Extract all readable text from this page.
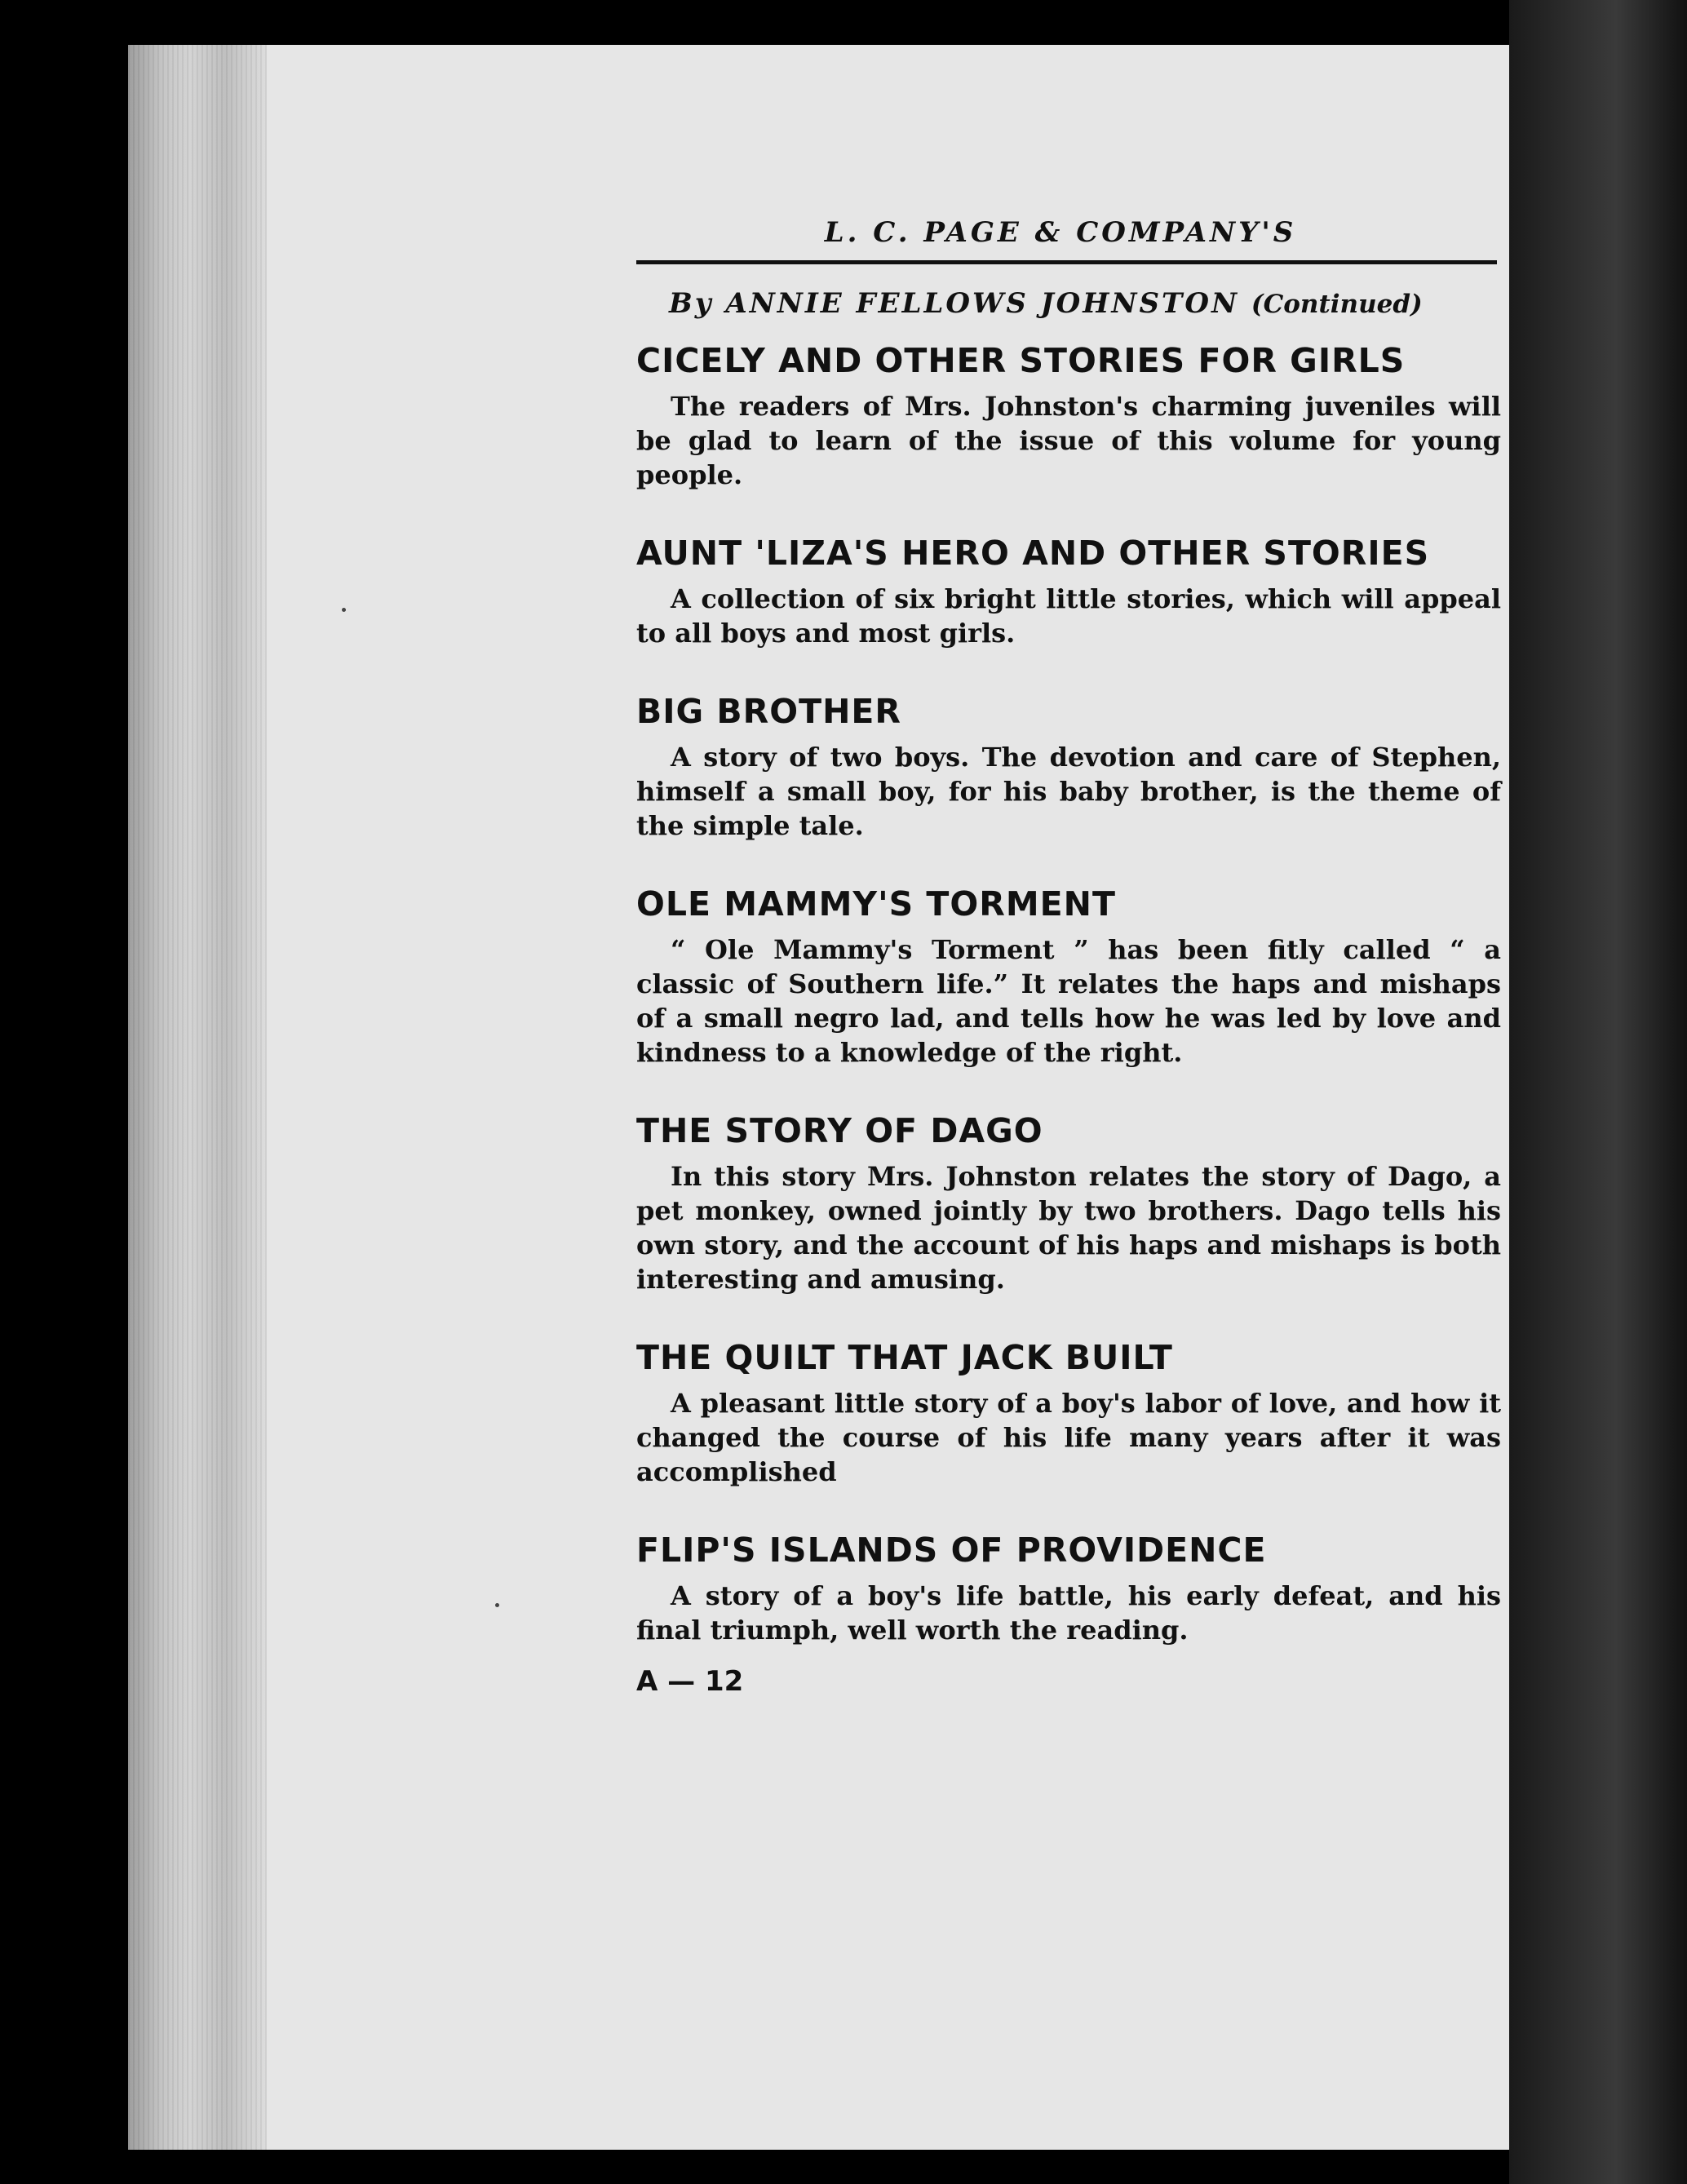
L. C. PAGE & COMPANY'S
By ANNIE FELLOWS JOHNSTON (Continued)
CICELY AND OTHER STORIES FOR GIRLS

The readers of Mrs. Johnston's charming juveniles will be glad to learn of the issue of this volume for young people.

AUNT 'LIZA'S HERO AND OTHER STORIES

A collection of six bright little stories, which will appeal to all boys and most girls.

BIG BROTHER

A story of two boys. The devotion and care of Stephen, himself a small boy, for his baby brother, is the theme of the simple tale.

OLE MAMMY'S TORMENT

“ Ole Mammy's Torment ” has been fitly called “ a classic of Southern life.” It relates the haps and mishaps of a small negro lad, and tells how he was led by love and kindness to a knowledge of the right.

THE STORY OF DAGO

In this story Mrs. Johnston relates the story of Dago, a pet monkey, owned jointly by two brothers. Dago tells his own story, and the account of his haps and mishaps is both interesting and amusing.

THE QUILT THAT JACK BUILT

A pleasant little story of a boy's labor of love, and how it changed the course of his life many years after it was accomplished

FLIP'S ISLANDS OF PROVIDENCE

A story of a boy's life battle, his early defeat, and his final triumph, well worth the reading.

A — 12
